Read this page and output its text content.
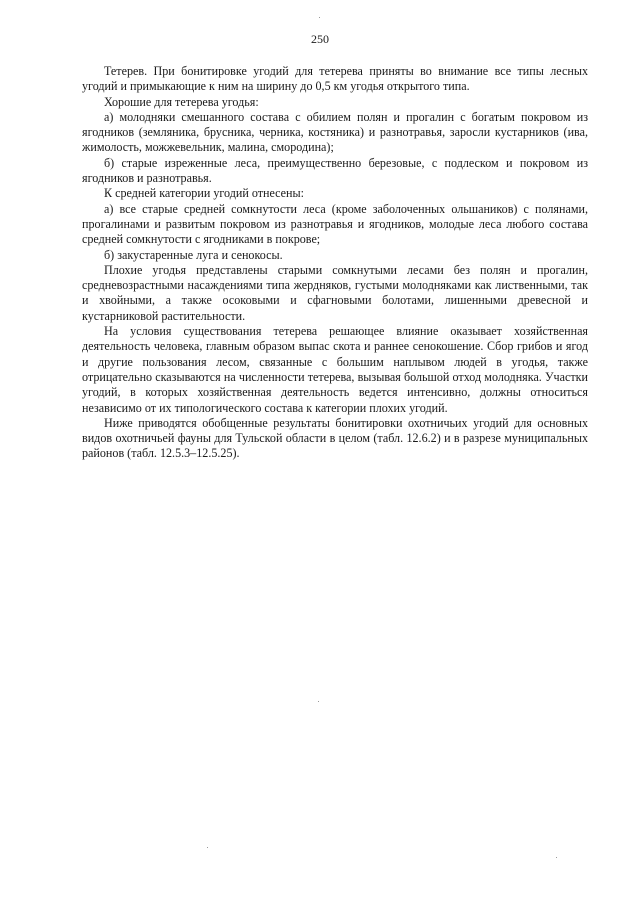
250

Тетерев. При бонитировке угодий для тетерева приняты во внимание все типы лесных угодий и примыкающие к ним на ширину до 0,5 км угодья открытого типа.

Хорошие для тетерева угодья:

а) молодняки смешанного состава с обилием полян и прогалин с богатым покровом из ягодников (земляника, брусника, черника, костяника) и разнотравья, заросли кустарников (ива, жимолость, можжевельник, малина, смородина);

б) старые изреженные леса, преимущественно березовые, с подлеском и покровом из ягодников и разнотравья.

К средней категории угодий отнесены:

а) все старые средней сомкнутости леса (кроме заболоченных ольшаников) с полянами, прогалинами и развитым покровом из разнотравья и ягодников, молодые леса любого состава средней сомкнутости с ягодниками в покрове;

б) закустаренные луга и сенокосы.

Плохие угодья представлены старыми сомкнутыми лесами без полян и прогалин, средневозрастными насаждениями типа жердняков, густыми молодняками как лиственными, так и хвойными, а также осоковыми и сфагновыми болотами, лишенными древесной и кустарниковой растительности.

На условия существования тетерева решающее влияние оказывает хозяйственная деятельность человека, главным образом выпас скота и раннее сенокошение. Сбор грибов и ягод и другие пользования лесом, связанные с большим наплывом людей в угодья, также отрицательно сказываются на численности тетерева, вызывая большой отход молодняка. Участки угодий, в которых хозяйственная деятельность ведется интенсивно, должны относиться независимо от их типологического состава к категории плохих угодий.

Ниже приводятся обобщенные результаты бонитировки охотничьих угодий для основных видов охотничьей фауны для Тульской области в целом (табл. 12.6.2) и в разрезе муниципальных районов (табл. 12.5.3–12.5.25).
